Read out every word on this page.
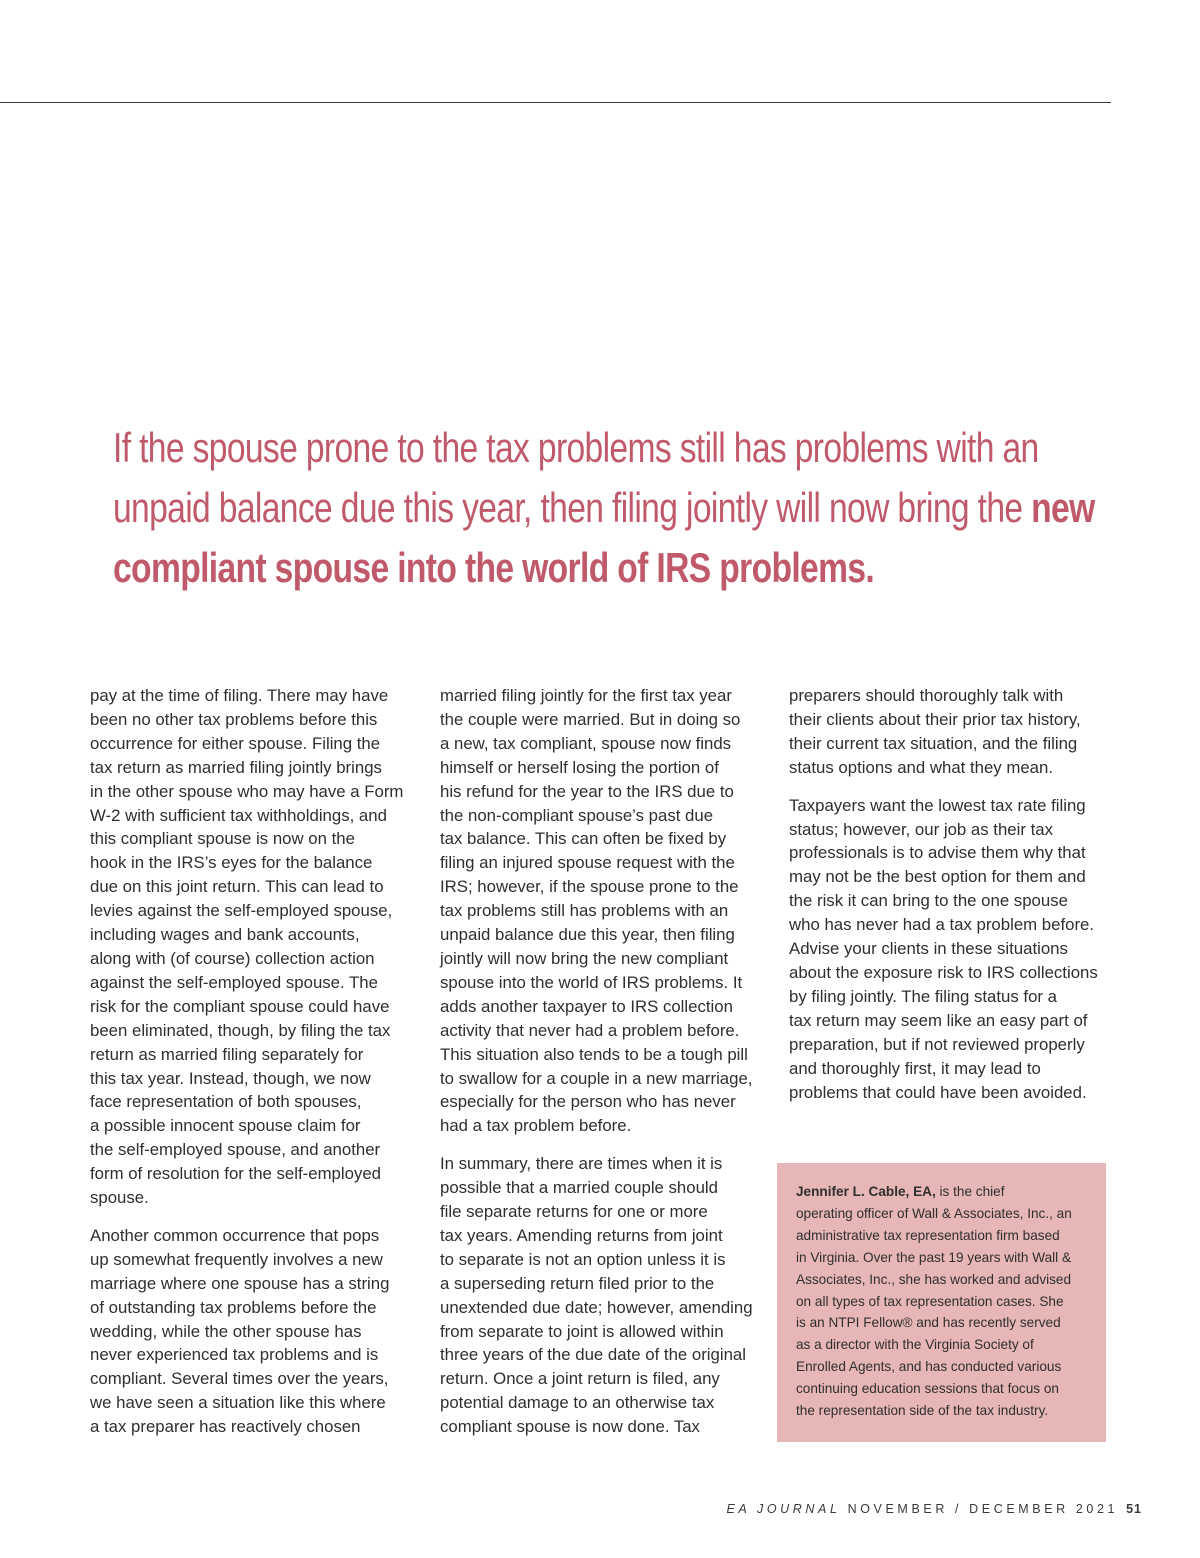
If the spouse prone to the tax problems still has problems with an
unpaid balance due this year, then filing jointly will now bring the new
compliant spouse into the world of IRS problems.

pay at the time of filing. There may have
been no other tax problems before this
occurrence for either spouse. Filing the
tax return as married filing jointly brings
in the other spouse who may have a Form
W-2 with sufficient tax withholdings, and
this compliant spouse is now on the
hook in the IRS’s eyes for the balance
due on this joint return. This can lead to
levies against the self-employed spouse,
including wages and bank accounts,
along with (of course) collection action
against the self-employed spouse. The
risk for the compliant spouse could have
been eliminated, though, by filing the tax
return as married filing separately for
this tax year. Instead, though, we now
face representation of both spouses,
a possible innocent spouse claim for
the self-employed spouse, and another
form of resolution for the self-employed
spouse.

Another common occurrence that pops
up somewhat frequently involves a new
marriage where one spouse has a string
of outstanding tax problems before the
wedding, while the other spouse has
never experienced tax problems and is
compliant. Several times over the years,
we have seen a situation like this where
a tax preparer has reactively chosen

married filing jointly for the first tax year
the couple were married. But in doing so
a new, tax compliant, spouse now finds
himself or herself losing the portion of
his refund for the year to the IRS due to
the non-compliant spouse’s past due
tax balance. This can often be fixed by
filing an injured spouse request with the
IRS; however, if the spouse prone to the
tax problems still has problems with an
unpaid balance due this year, then filing
jointly will now bring the new compliant
spouse into the world of IRS problems. It
adds another taxpayer to IRS collection
activity that never had a problem before.
This situation also tends to be a tough pill
to swallow for a couple in a new marriage,
especially for the person who has never
had a tax problem before.

In summary, there are times when it is
possible that a married couple should
file separate returns for one or more
tax years. Amending returns from joint
to separate is not an option unless it is
a superseding return filed prior to the
unextended due date; however, amending
from separate to joint is allowed within
three years of the due date of the original
return. Once a joint return is filed, any
potential damage to an otherwise tax
compliant spouse is now done. Tax

preparers should thoroughly talk with
their clients about their prior tax history,
their current tax situation, and the filing
status options and what they mean.

Taxpayers want the lowest tax rate filing
status; however, our job as their tax
professionals is to advise them why that
may not be the best option for them and
the risk it can bring to the one spouse
who has never had a tax problem before.
Advise your clients in these situations
about the exposure risk to IRS collections
by filing jointly. The filing status for a
tax return may seem like an easy part of
preparation, but if not reviewed properly
and thoroughly first, it may lead to
problems that could have been avoided.

Jennifer L. Cable, EA, is the chief
operating officer of Wall & Associates, Inc., an
administrative tax representation firm based
in Virginia. Over the past 19 years with Wall &
Associates, Inc., she has worked and advised
on all types of tax representation cases. She
is an NTPI Fellow® and has recently served
as a director with the Virginia Society of
Enrolled Agents, and has conducted various
continuing education sessions that focus on
the representation side of the tax industry.
EA JOURNAL NOVEMBER / DECEMBER 2021 51
